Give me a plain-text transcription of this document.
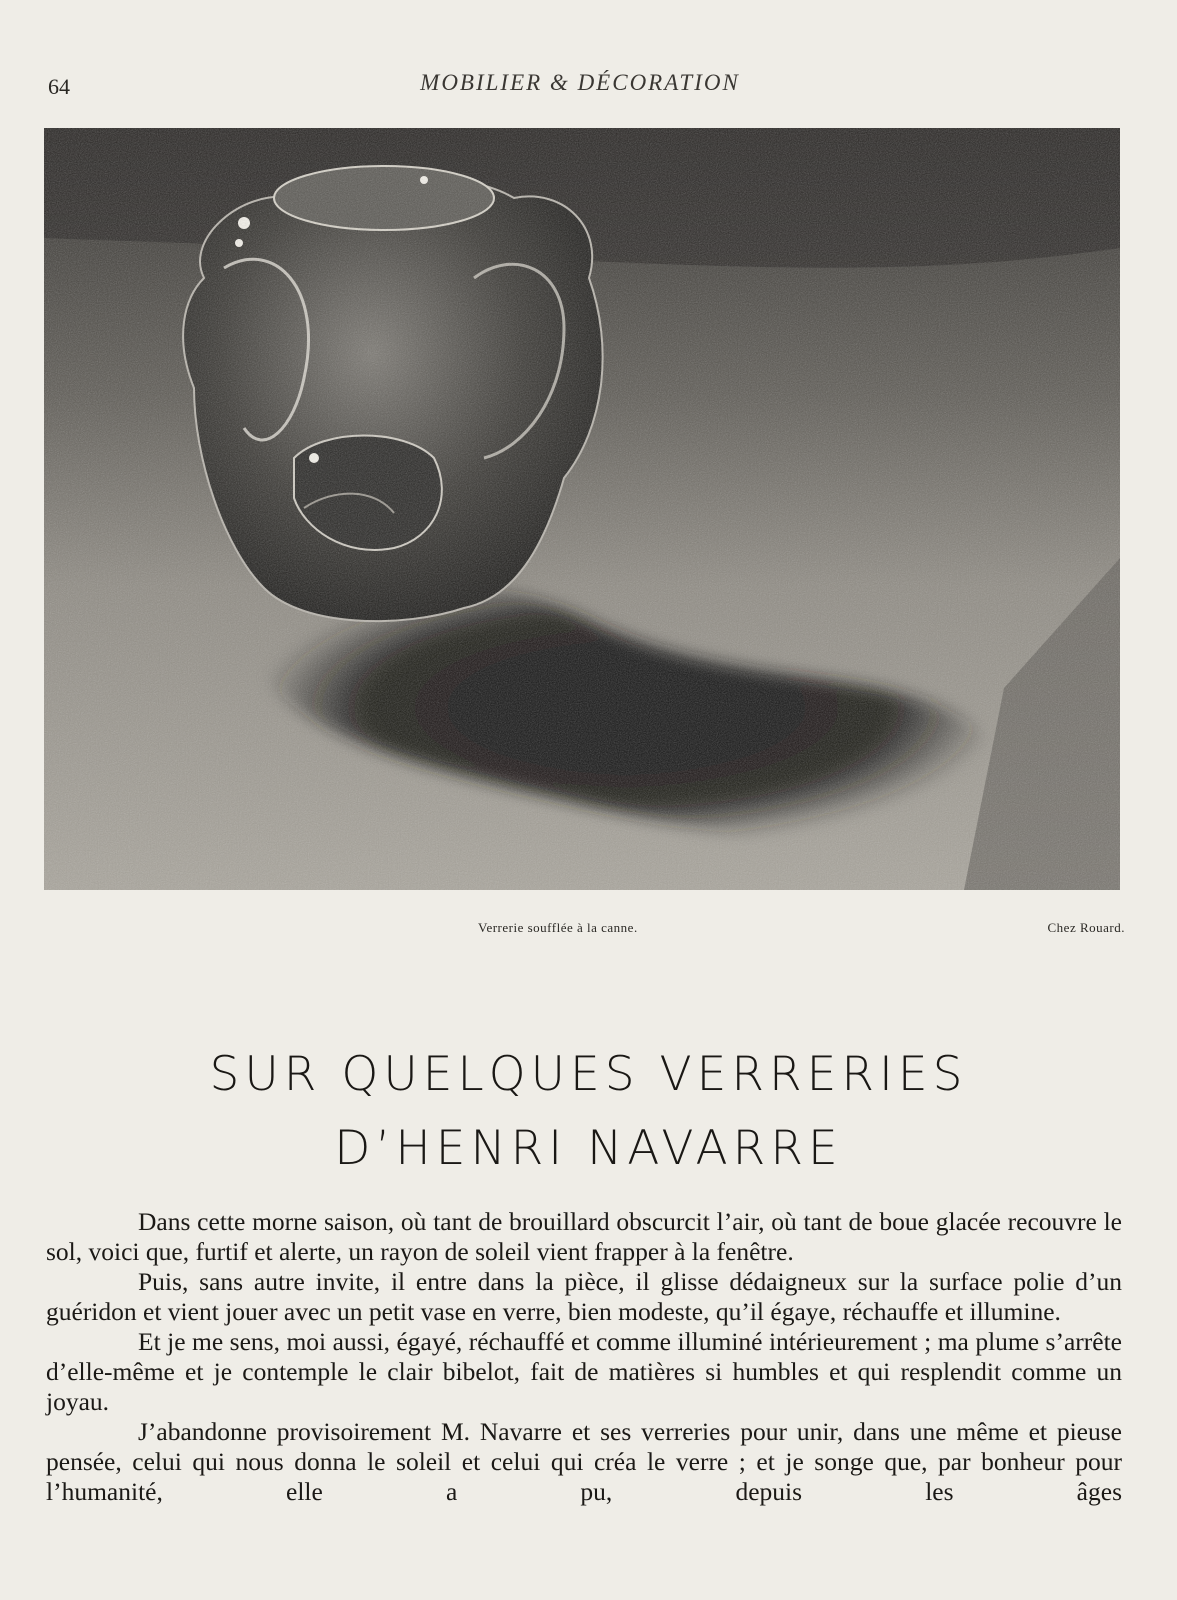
64	MOBILIER & DÉCORATION
Verrerie soufflée à la canne.	Chez Rouard.
SUR QUELQUES VERRERIES
D’HENRI NAVARRE

Dans cette morne saison, où tant de brouillard obscurcit l’air, où tant de boue glacée recouvre le sol, voici que, furtif et alerte, un rayon de soleil vient frapper à la fenêtre.

Puis, sans autre invite, il entre dans la pièce, il glisse dédaigneux sur la surface polie d’un guéridon et vient jouer avec un petit vase en verre, bien modeste, qu’il égaye, réchauffe et illumine.

Et je me sens, moi aussi, égayé, réchauffé et comme illuminé intérieurement ; ma plume s’arrête d’elle-même et je contemple le clair bibelot, fait de matières si humbles et qui resplendit comme un joyau.

J’abandonne provisoirement M. Navarre et ses verreries pour unir, dans une même et pieuse pensée, celui qui nous donna le soleil et celui qui créa le verre ; et je songe que, par bonheur pour l’humanité, elle a pu, depuis les âges
